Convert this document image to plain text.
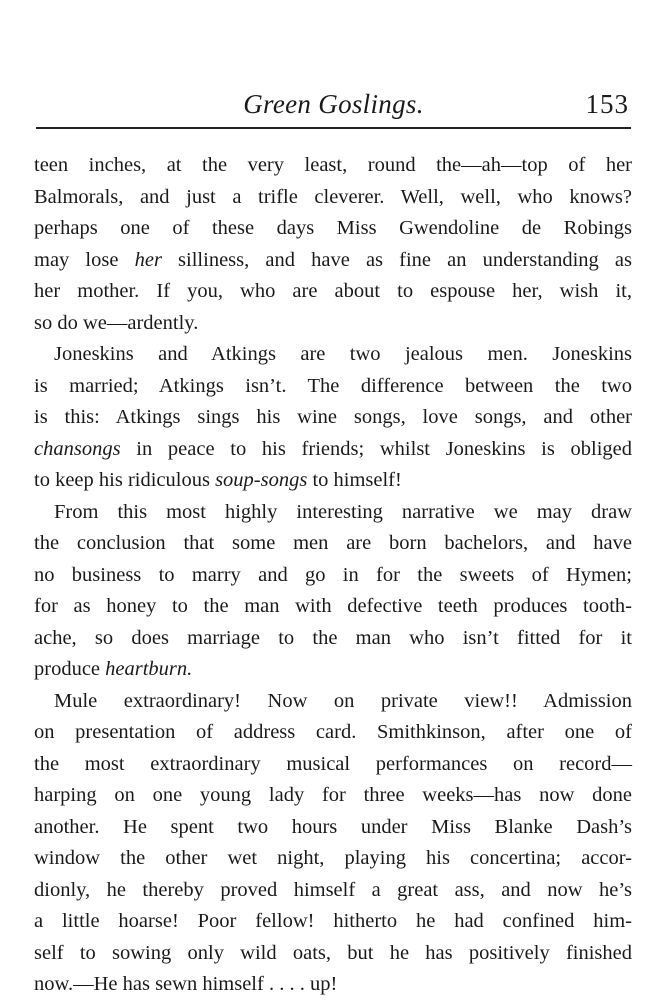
Green Goslings.	153
teen inches, at the very least, round the—ah—top of her
Balmorals, and just a trifle cleverer. Well, well, who knows?
perhaps one of these days Miss Gwendoline de Robings
may lose her silliness, and have as fine an understanding as
her mother. If you, who are about to espouse her, wish it,
so do we—ardently.
Joneskins and Atkings are two jealous men. Joneskins
is married; Atkings isn’t. The difference between the two
is this: Atkings sings his wine songs, love songs, and other
chansongs in peace to his friends; whilst Joneskins is obliged
to keep his ridiculous soup-songs to himself!
From this most highly interesting narrative we may draw
the conclusion that some men are born bachelors, and have
no business to marry and go in for the sweets of Hymen;
for as honey to the man with defective teeth produces tooth-
ache, so does marriage to the man who isn’t fitted for it
produce heartburn.
Mule extraordinary! Now on private view!! Admission
on presentation of address card. Smithkinson, after one of
the most extraordinary musical performances on record—
harping on one young lady for three weeks—has now done
another. He spent two hours under Miss Blanke Dash’s
window the other wet night, playing his concertina; accor-
dionly, he thereby proved himself a great ass, and now he’s
a little hoarse! Poor fellow! hitherto he had confined him-
self to sowing only wild oats, but he has positively finished
now.—He has sewn himself . . . . up!
